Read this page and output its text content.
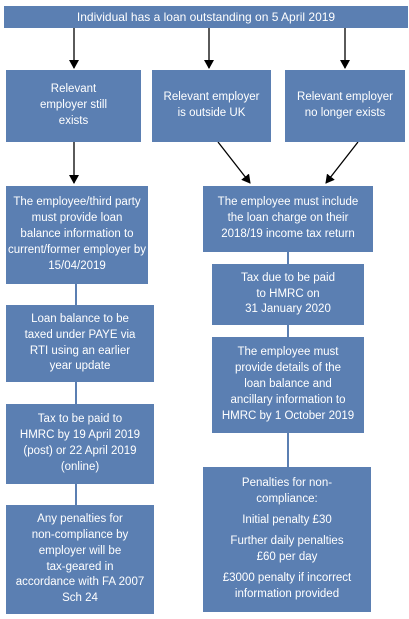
Individual has a loan outstanding on 5 April 2019
Relevant
employer still
exists
Relevant employer
is outside UK
Relevant employer
no longer exists
The employee/third party
must provide loan
balance information to
current/former employer by
15/04/2019
Loan balance to be
taxed under PAYE via
RTI using an earlier
year update
Tax to be paid to
HMRC by 19 April 2019
(post) or 22 April 2019
(online)
Any penalties for
non-compliance by
employer will be
tax-geared in
accordance with FA 2007
Sch 24
The employee must include
the loan charge on their
2018/19 income tax return
Tax due to be paid
to HMRC on
31 January 2020
The employee must
provide details of the
loan balance and
ancillary information to
HMRC by 1 October 2019
Penalties for non-
compliance:
Initial penalty £30
Further daily penalties
£60 per day
£3000 penalty if incorrect
information provided
